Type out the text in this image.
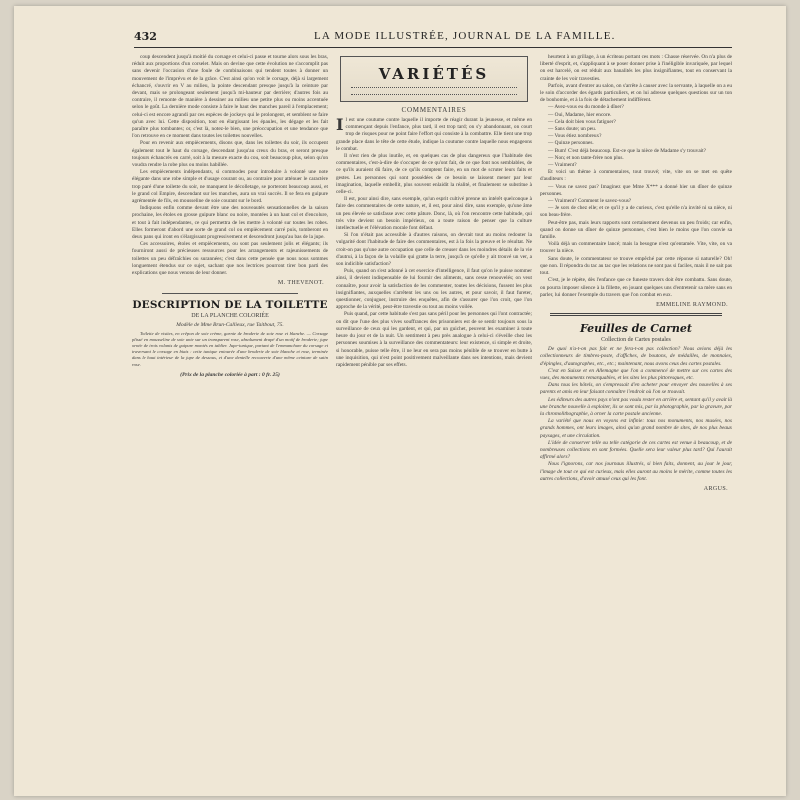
432	LA MODE ILLUSTRÉE, JOURNAL DE LA FAMILLE.

coup descendent jusqu'à moitié du corsage et celui-ci passe et tourne alors sous les bras, réduit aux proportions d'un corselet. Mais on devine que cette évolution ne s'accomplit pas sans devenir l'occasion d'une foule de combinaisons qui tendent toutes à donner un mouvement de l'imprévu et de la grâce. C'est ainsi qu'on voit le corsage, déjà si largement échancré, s'ouvrir en V au milieu, la pointe descendant presque jusqu'à la ceinture par devant, mais se prolongeant seulement jusqu'à mi-hauteur par derrière; d'autres fois au contraire, il remonte de manière à dessiner au milieu une petite plus ou moins accentuée selon le goût. La dernière mode consiste à faire le haut des manches pareil à l'emplacement; celui-ci est encore agrandi par ces espèces de jockeys qui le prolongent, et semblent se faire qu'un avec lui. Cette disposition, tout en élargissant les épaules, les dégage et les fait paraître plus tombantes; or, c'est là, notez-le bien, une préoccupation et une tendance que l'on retrouve en ce moment dans toutes les toilettes nouvelles.

Pour en revenir aux empiècements, disons que, dans les toilettes du soir, ils occupent également tout le haut du corsage, descendant jusqu'au creux du bras, et seront presque toujours échancrés en carré, soit à la mesure exacte du cou, soit beaucoup plus, selon qu'on voudra rendre la robe plus ou moins habillée.

Les empiècements indépendants, si commodes pour introduire à volonté une note élégante dans une robe simple et d'usage courant ou, au contraire pour atténuer le caractère trop paré d'une toilette du soir, ne manquent le décolletage, se porteront beaucoup aussi, et le grand col Empire, descendant sur les manches, aura un vrai succès. Il se fera en guipure agrémentée de fils, en mousseline de soie courant sur le bord.

Indiquons enfin comme devant être une des nouveautés sensationnelles de la saison prochaine, les étoles en grosse guipure blanc ou noire, montées à un haut col et d'encolure, et tout à fait indépendantes, ce qui permettra de les mettre à volonté sur toutes les robes. Elles formeront d'abord une sorte de grand col ou empiècement carré puis, tomberont en deux pans qui iront en s'élargissant progressivement et descendront jusqu'au bas de la jupe.

Ces accessoires, étoles et empiècements, ou sont pas seulement jolis et élégants; ils fourniront aussi de précieuses ressources pour les arrangements et rajeunissements de toilettes un peu défraîchies ou surannées; c'est dans cette pensée que nous nous sommes longuement étendus sur ce sujet, sachant que nos lectrices pourront tirer bon parti des explications que nous venons de leur donner.

M. THEVENOT.
DESCRIPTION DE LA TOILETTE
DE LA PLANCHE COLORIÉE
Modèle de Mme Brun-Callieux, rue Taitbout, 75.

Toilette de visites, en crêpon de soie crème, garnie de broderie de soie rose et blanche. — Corsage plissé en mousseline de soie unie sur un transparent rose, absolument drapé d'un motif de broderie; jupe ornée de trois volants de guipure montés en tablier. Jupe-tunique, partant de l'emmanchure du corsage et traversant le corsage en biais : cette tunique entourée d'une broderie de soie blanche et rose, terminée dans le haut intérieur de la jupe de dessous, et d'une dentelle recouverte d'une même ceinture de satin rose.

(Prix de la planche coloriée à part : 0 fr. 25)
VARIÉTÉS
COMMENTAIRES
I l est une coutume contre laquelle il importe de réagir durant la jeunesse, et même en commençant depuis l'enfance, plus tard, il est trop tard; on s'y abandonnant, on court trop de risques pour ne point faire l'effort qui consiste à la combattre. Elle tient une trop grande place dans le tête de cette étude, indique la coutume contre laquelle nous engageons le combat.

Il n'est rien de plus inutile, et, en quelques cas de plus dangereux que l'habitude des commentaires, c'est-à-dire de s'occuper de ce qu'ont fait, de ce que font nos semblables, de ce qu'ils auraient dû faire, de ce qu'ils comptent faire, en un mot de scruter leurs faits et gestes. Les personnes qui sont possédées de ce besoin se laissent mener par leur imagination, laquelle embellit, plus souvent enlaidit la réalité, et finalement se substitue à celle-ci.

Il est, pour ainsi dire, sans exemple, qu'un esprit cultivé prenne un intérêt quelconque à faire des commentaires de cette nature, et, il est, pour ainsi dire, sans exemple, qu'une âme un peu élevée se satisfasse avec cette pâture. Donc, là, où l'on rencontre cette habitude, qui très vite devient un besoin impérieux, on a toute raison de penser que la culture intellectuelle et l'élévation morale font défaut.

Si l'on n'était pas accessible à d'autres raisons, on devrait tout au moins redouter la vulgarité dont l'habitude de faire des commentaires, est à la fois la preuve et le résultat. Ne croit-on pas qu'une autre occupation que celle de creuser dans les moindres détails de la vie d'autrui, à la façon de la volaille qui gratte la terre, jusqu'à ce qu'elle y ait trouvé un ver, a son indicible satisfaction?

Puis, quand on s'est adonné à cet exercice d'intelligence, il faut qu'on le puisse nommer ainsi, il devient indispensable de lui fournir des aliments, sans cesse renouvelés; on veut connaître, pour avoir la satisfaction de les commenter, toutes les décisions, fussent les plus insignifiantes, auxquelles s'arrêtent les uns ou les autres, et pour savoir, il faut fureter, questionner, conjuguer, instruire des enquêtes, afin de s'assurer que l'on croit, que l'on approche de la vérité, peut-être travestie ou tout au moins voilée.

Puis quand, par cette habitude s'est pas sans péril pour les personnes qui l'ont contractée; on dit que l'une des plus vives souffrances des prisonniers est de se sentir toujours sous la surveillance de ceux qui les gardent, et qui, par un guichet, peuvent les examiner à toute heure du jour et de la nuit. Un sentiment à peu près analogue à celui-ci s'éveille chez les personnes soumises à la surveillance des commentateurs: leur existence, si simple et droite, si honorable, puisse telle être, il ne leur en sera pas moins pénible de se trouver en butte à une inquisition, qui n'est point positivement malveillante dans ses intentions, mais devient rapidement pénible par ses effets.

heurtent à un grillage, à un écriteau portant ces mots : Chasse réservée. On n'a plus de liberté d'esprit, et, s'appliquant à se poser donner prise à l'inéligible invariquée, par lequel on est harcelé, on est réduit aux banalités les plus insignifiantes, tout en conservant la crainte de les voir travesties.

Parfois, avant d'entrer au salon, on s'arrête à causer avec la servante, à laquelle on a eu le soin d'accorder des égards particuliers, et on lui adresse quelques questions sur un ton de bonhomie, et à la fois de détachement indifférent.

— Avez-vous eu du monde à dîner?

— Oui, Madame, hier encore.

— Cela doit bien vous fatiguer?

— Sans doute; un peu.

— Vous étiez nombreux?

— Quinze personnes.

— Bum! C'est déjà beaucoup. Est-ce que la nièce de Madame s'y trouvait?

— Non; et non tante-frère non plus.

— Vraiment?

Et voici un thème à commentaires, tout trouvé; vite, vite on se met en quête d'auditeurs :

— Vous ne savez pas? Imaginez que Mme X*** a donné hier un dîner de quinze personnes.

— Vraiment? Comment le savez-vous?

— Je sors de chez elle; et ce qu'il y a de curieux, c'est qu'elle n'a invité ni sa nièce, ni son beau-frère.

Peut-être pas, mais leurs rapports sont certainement devenus un peu froids; car enfin, quand on donne un dîner de quinze personnes, c'est bien le moins que l'on convie sa famille.

Voilà déjà un commentaire lancé; mais la besogne n'est qu'entamée. Vite, vite, on va trouver la nièce.

Sans doute, le commentateur se trouve empêché par cette réponse si naturelle? Oh! que non. Il répondra du tac au tac que les relations ne sont pas si faciles, mais il ne sait pas tout.

C'est, je le répète, dès l'enfance que ce funeste travers doit être combattu. Sans doute, on pourra imposer silence à la fillette, en jouant quelques uns d'entretenir sa mère sans en parler, lui donner l'exemple du travers que l'on combat en eux.

EMMELINE RAYMOND.
Feuilles de Carnet
Collection de Cartes postales

De quoi n'a-t-on pas fait et ne fera-t-on pas collection? Nous avions déjà les collectionneurs de timbres-poste, d'affiches, de boutons, de médailles, de monnaies, d'épingles, d'autographes, etc., etc.; maintenant, nous avons ceux des cartes postales.

C'est en Suisse et en Allemagne que l'on a commencé de mettre sur ces cartes des vues, des monuments remarquables, et les sites les plus pittoresques, etc.

Dans tous les hôtels, on s'empressait d'en acheter pour envoyer des nouvelles à ses parents et amis en leur faisant connaître l'endroit où l'on se trouvait.

Les éditeurs des autres pays n'ont pas voulu rester en arrière et, sentant qu'il y avait là une branche nouvelle à exploiter, ils se sont mis, par la photographie, par la gravure, par la chromolithographie, à orner la carte postale ancienne.

La variété que nous en voyons est infinie: tous nos monuments, nos musées, nos grands hommes, ont leurs images, ainsi qu'un grand nombre de sites, de nos plus beaux paysages, et une circulation.

L'idée de conserver telle ou telle catégorie de ces cartes est venue à beaucoup, et de nombreuses collections en sont formées. Quelle sera leur valeur plus tard? Qui l'aurait affirmé alors?

Nous l'ignorons, car nos journaux illustrés, si bien faits, donnent, au jour le jour, l'image de tout ce qui est curieux, mais elles auront au moins le mérite, comme toutes les autres collections, d'avoir amusé ceux qui les font.

ARGUS.
